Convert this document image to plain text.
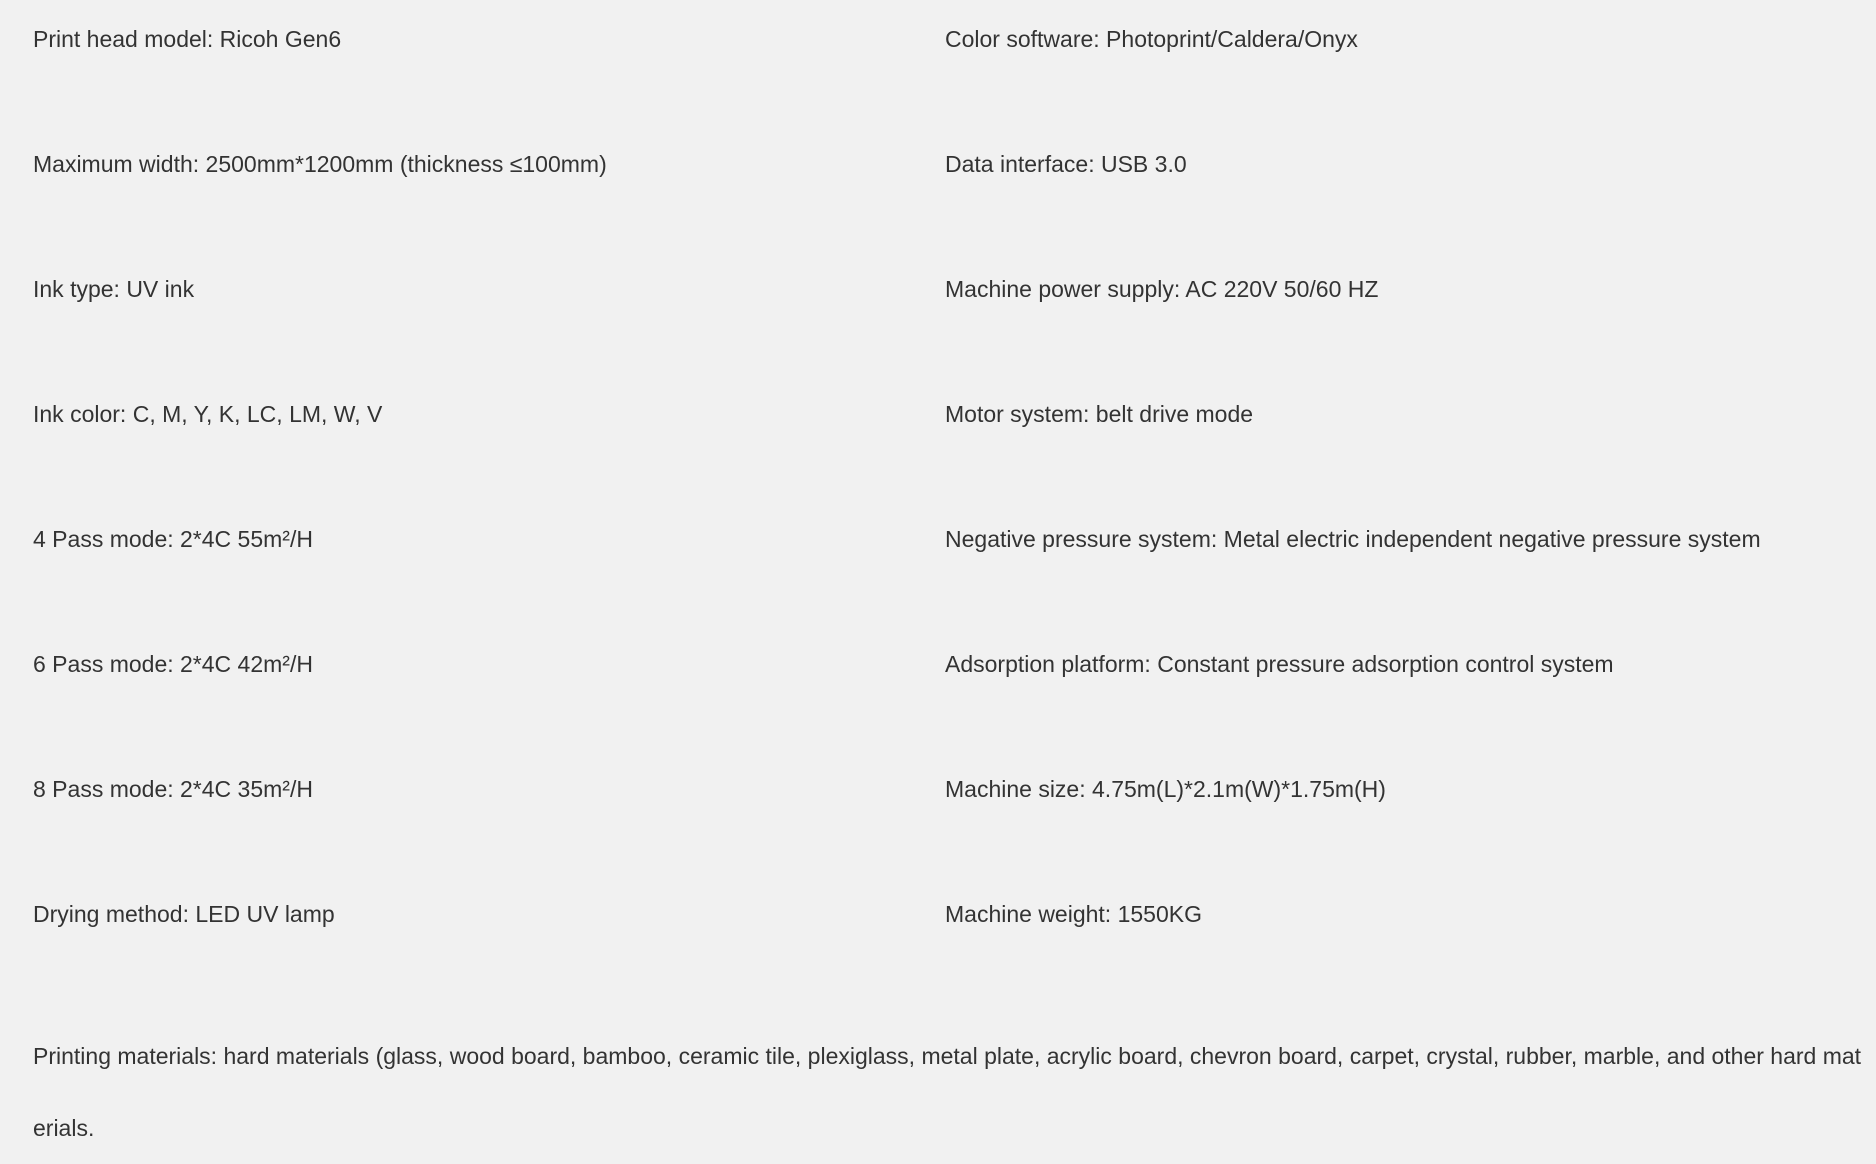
Print head model: Ricoh Gen6	Color software: Photoprint/Caldera/Onyx
Maximum width: 2500mm*1200mm (thickness ≤100mm)	Data interface: USB 3.0
Ink type: UV ink	Machine power supply: AC 220V 50/60 HZ
Ink color: C, M, Y, K, LC, LM, W, V	Motor system: belt drive mode
4 Pass mode: 2*4C 55m²/H	Negative pressure system: Metal electric independent negative pressure system
6 Pass mode: 2*4C 42m²/H	Adsorption platform: Constant pressure adsorption control system
8 Pass mode: 2*4C 35m²/H	Machine size: 4.75m(L)*2.1m(W)*1.75m(H)
Drying method: LED UV lamp	Machine weight: 1550KG
Printing materials: hard materials (glass, wood board, bamboo, ceramic tile, plexiglass, metal plate, acrylic board, chevron board, carpet, crystal, rubber, marble, and other hard materials.
